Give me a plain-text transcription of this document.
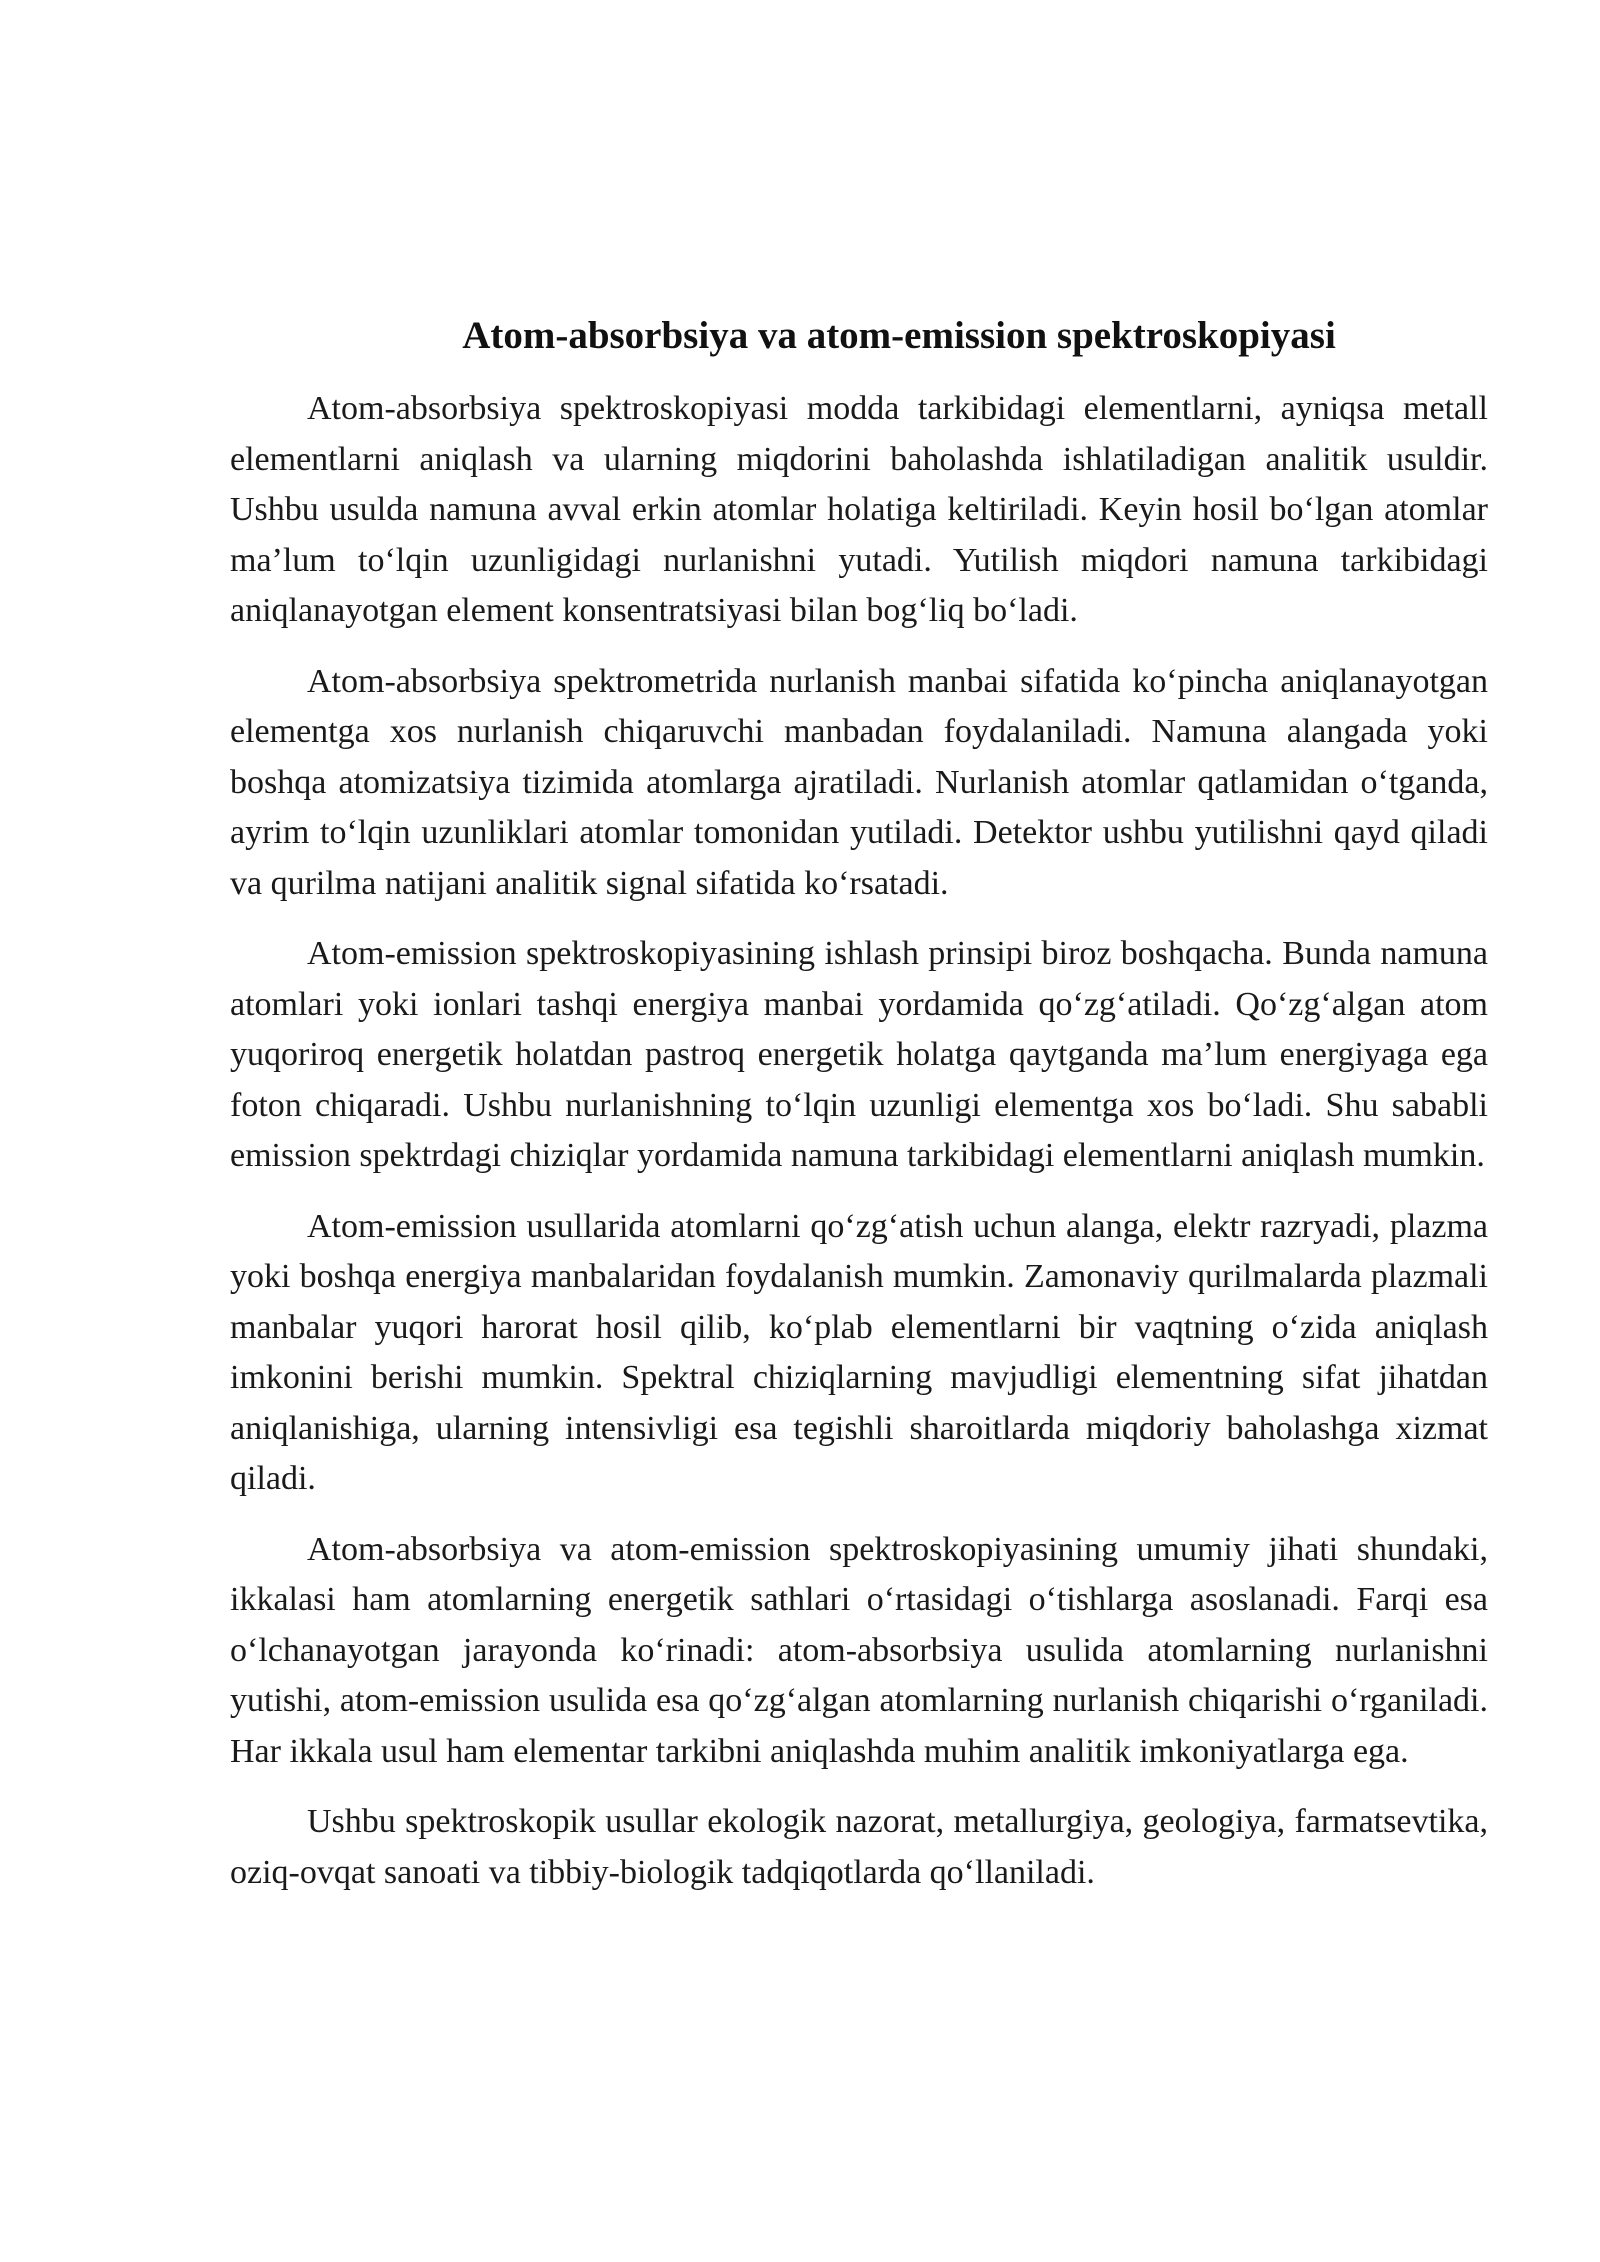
Atom-absorbsiya va atom-emission spektroskopiyasi

Atom-absorbsiya spektroskopiyasi modda tarkibidagi elementlarni, ayniqsa metall elementlarni aniqlash va ularning miqdorini baholashda ishlatiladigan analitik usuldir. Ushbu usulda namuna avval erkin atomlar holatiga keltiriladi. Keyin hosil bo‘lgan atomlar ma’lum to‘lqin uzunligidagi nurlanishni yutadi. Yutilish miqdori namuna tarkibidagi aniqlanayotgan element konsentratsiyasi bilan bog‘liq bo‘ladi.

Atom-absorbsiya spektrometrida nurlanish manbai sifatida ko‘pincha aniqlanayotgan elementga xos nurlanish chiqaruvchi manbadan foydalaniladi. Namuna alangada yoki boshqa atomizatsiya tizimida atomlarga ajratiladi. Nurlanish atomlar qatlamidan o‘tganda, ayrim to‘lqin uzunliklari atomlar tomonidan yutiladi. Detektor ushbu yutilishni qayd qiladi va qurilma natijani analitik signal sifatida ko‘rsatadi.

Atom-emission spektroskopiyasining ishlash prinsipi biroz boshqacha. Bunda namuna atomlari yoki ionlari tashqi energiya manbai yordamida qo‘zg‘atiladi. Qo‘zg‘algan atom yuqoriroq energetik holatdan pastroq energetik holatga qaytganda ma’lum energiyaga ega foton chiqaradi. Ushbu nurlanishning to‘lqin uzunligi elementga xos bo‘ladi. Shu sababli emission spektrdagi chiziqlar yordamida namuna tarkibidagi elementlarni aniqlash mumkin.

Atom-emission usullarida atomlarni qo‘zg‘atish uchun alanga, elektr razryadi, plazma yoki boshqa energiya manbalaridan foydalanish mumkin. Zamonaviy qurilmalarda plazmali manbalar yuqori harorat hosil qilib, ko‘plab elementlarni bir vaqtning o‘zida aniqlash imkonini berishi mumkin. Spektral chiziqlarning mavjudligi elementning sifat jihatdan aniqlanishiga, ularning intensivligi esa tegishli sharoitlarda miqdoriy baholashga xizmat qiladi.

Atom-absorbsiya va atom-emission spektroskopiyasining umumiy jihati shundaki, ikkalasi ham atomlarning energetik sathlari o‘rtasidagi o‘tishlarga asoslanadi. Farqi esa o‘lchanayotgan jarayonda ko‘rinadi: atom-absorbsiya usulida atomlarning nurlanishni yutishi, atom-emission usulida esa qo‘zg‘algan atomlarning nurlanish chiqarishi o‘rganiladi. Har ikkala usul ham elementar tarkibni aniqlashda muhim analitik imkoniyatlarga ega.

Ushbu spektroskopik usullar ekologik nazorat, metallurgiya, geologiya, farmatsevtika, oziq-ovqat sanoati va tibbiy-biologik tadqiqotlarda qo‘llaniladi.
